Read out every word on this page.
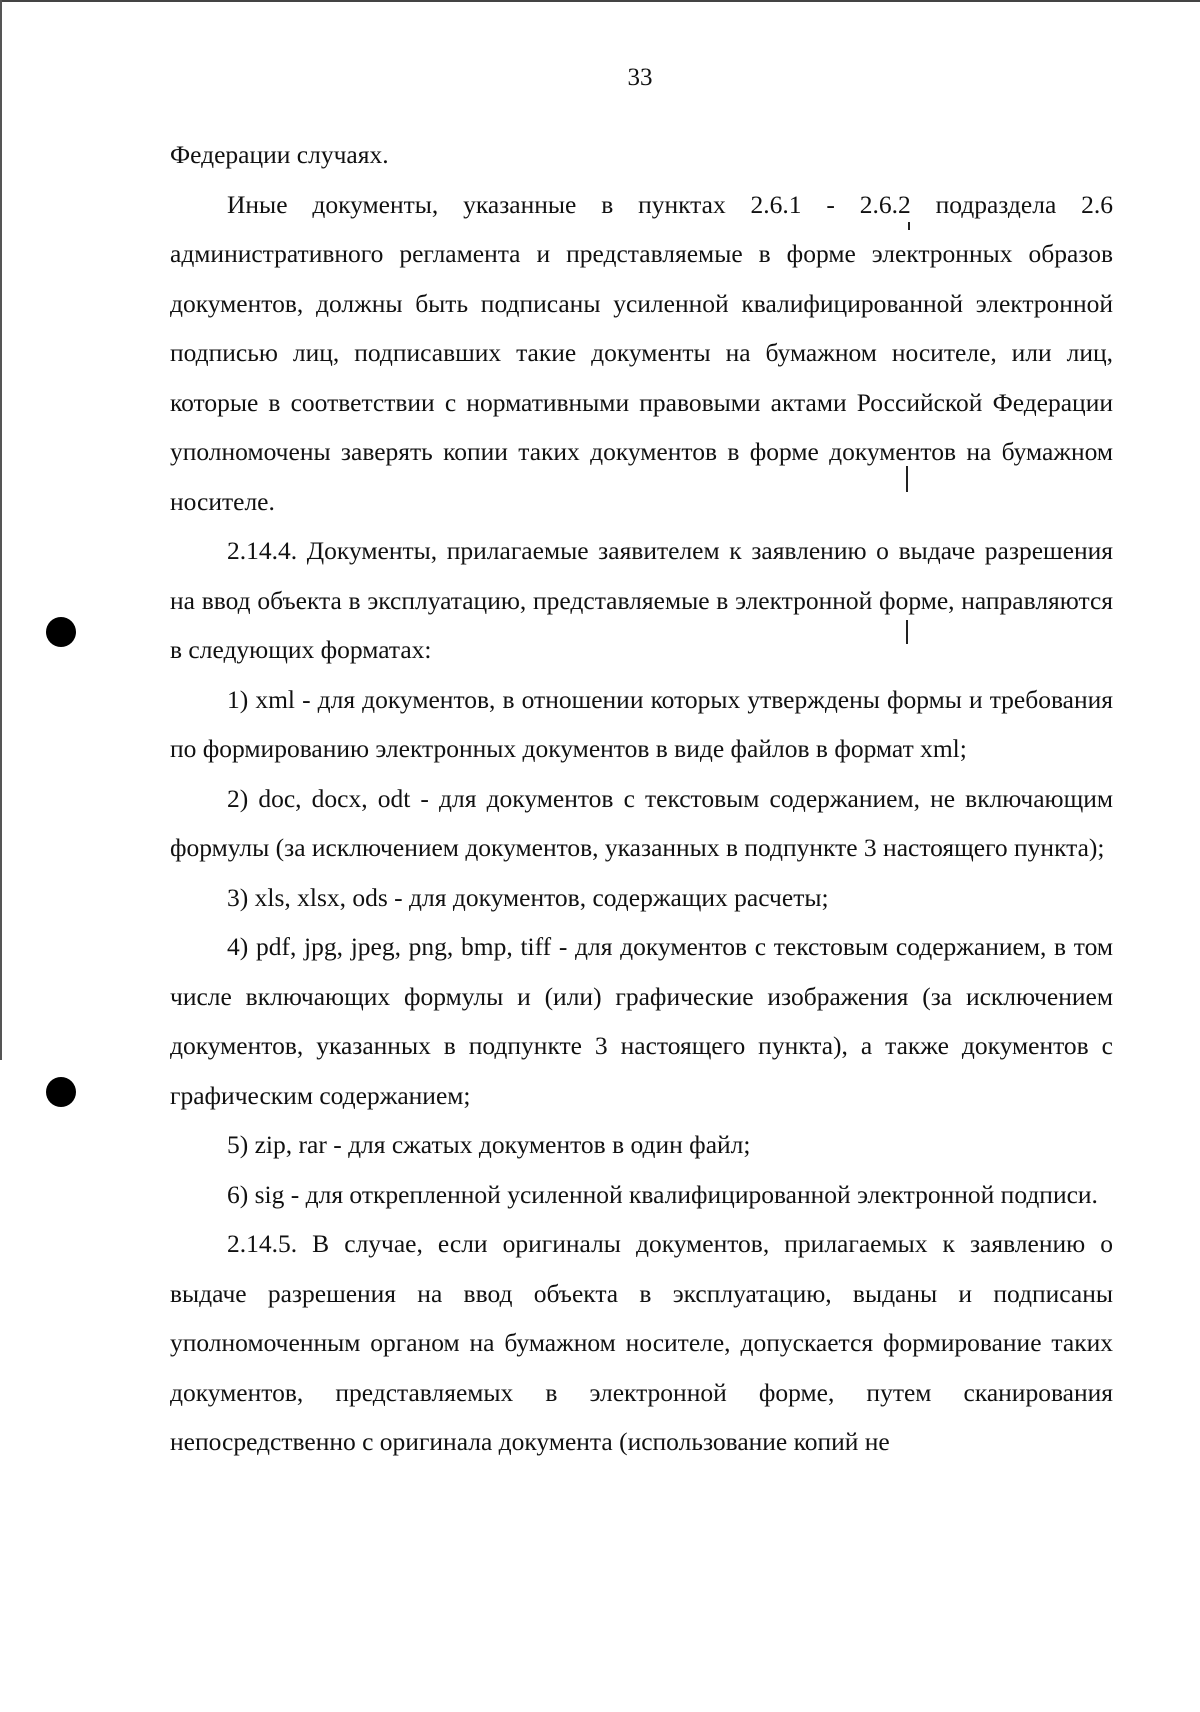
33

Федерации случаях.

Иные документы, указанные в пунктах 2.6.1 - 2.6.2 подраздела 2.6 административного регламента и представляемые в форме электронных образов документов, должны быть подписаны усиленной квалифицированной электронной подписью лиц, подписавших такие документы на бумажном носителе, или лиц, которые в соответствии с нормативными правовыми актами Российской Федерации уполномочены заверять копии таких документов в форме документов на бумажном носителе.

2.14.4. Документы, прилагаемые заявителем к заявлению о выдаче разрешения на ввод объекта в эксплуатацию, представляемые в электронной форме, направляются в следующих форматах:

1) xml - для документов, в отношении которых утверждены формы и требования по формированию электронных документов в виде файлов в формат xml;

2) doc, docx, odt - для документов с текстовым содержанием, не включающим формулы (за исключением документов, указанных в подпункте 3 настоящего пункта);

3) xls, xlsx, ods - для документов, содержащих расчеты;

4) pdf, jpg, jpeg, png, bmp, tiff - для документов с текстовым содержанием, в том числе включающих формулы и (или) графические изображения (за исключением документов, указанных в подпункте 3 настоящего пункта), а также документов с графическим содержанием;

5) zip, rar - для сжатых документов в один файл;

6) sig - для открепленной усиленной квалифицированной электронной подписи.

2.14.5. В случае, если оригиналы документов, прилагаемых к заявлению о выдаче разрешения на ввод объекта в эксплуатацию, выданы и подписаны уполномоченным органом на бумажном носителе, допускается формирование таких документов, представляемых в электронной форме, путем сканирования непосредственно с оригинала документа (использование копий не
